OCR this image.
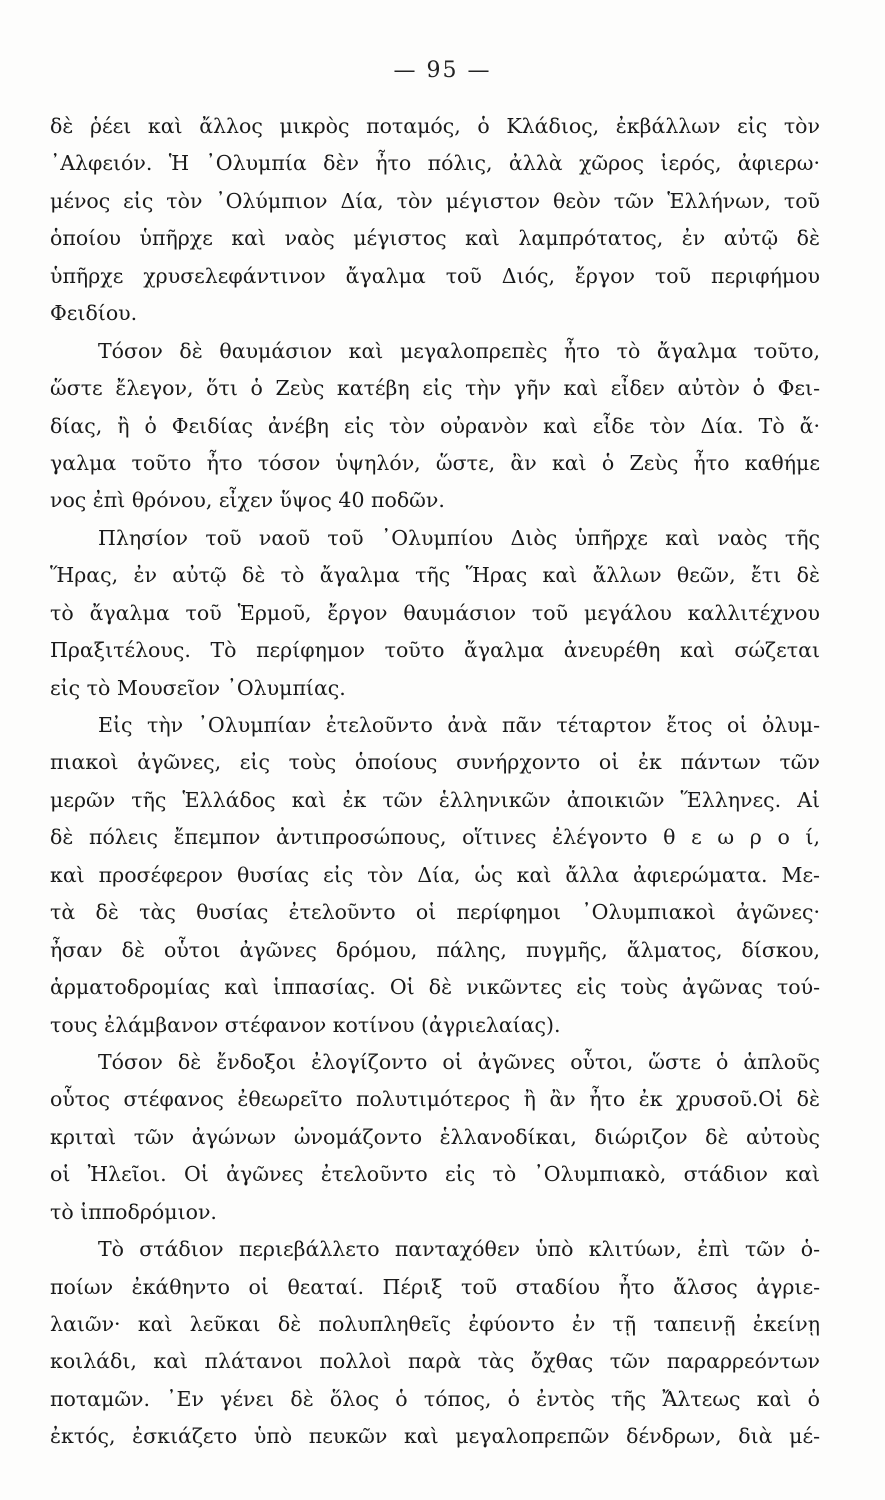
— 95 —
δὲ ῥέει καὶ ἄλλος μικρὸς ποταμός, ὁ Κλάδιος, ἐκβάλλων εἰς τὸν
᾿Αλφειόν. Ἡ ᾿Ολυμπία δὲν ἦτο πόλις, ἀλλὰ χῶρος ἱερός, ἀφιερω·
μένος εἰς τὸν ᾿Ολύμπιον Δία, τὸν μέγιστον θεὸν τῶν Ἑλλήνων, τοῦ
ὁποίου ὑπῆρχε καὶ ναὸς μέγιστος καὶ λαμπρότατος, ἐν αὐτῷ δὲ
ὑπῆρχε χρυσελεφάντινον ἄγαλμα τοῦ Διός, ἔργον τοῦ περιφήμου
Φειδίου.
Τόσον δὲ θαυμάσιον καὶ μεγαλοπρεπὲς ἦτο τὸ ἄγαλμα τοῦτο,
ὥστε ἔλεγον, ὅτι ὁ Ζεὺς κατέβη εἰς τὴν γῆν καὶ εἶδεν αὐτὸν ὁ Φει-
δίας, ἢ ὁ Φειδίας ἀνέβη εἰς τὸν οὐρανὸν καὶ εἶδε τὸν Δία. Τὸ ἄ·
γαλμα τοῦτο ἦτο τόσον ὑψηλόν, ὥστε, ἂν καὶ ὁ Ζεὺς ἦτο καθήμε
νος ἐπὶ θρόνου, εἶχεν ὕψος 40 ποδῶν.
Πλησίον τοῦ ναοῦ τοῦ ᾿Ολυμπίου Διὸς ὑπῆρχε καὶ ναὸς τῆς
Ἥρας, ἐν αὐτῷ δὲ τὸ ἄγαλμα τῆς Ἥρας καὶ ἄλλων θεῶν, ἔτι δὲ
τὸ ἄγαλμα τοῦ Ἑρμοῦ, ἔργον θαυμάσιον τοῦ μεγάλου καλλιτέχνου
Πραξιτέλους. Τὸ περίφημον τοῦτο ἄγαλμα ἀνευρέθη καὶ σώζεται
εἰς τὸ Μουσεῖον ᾿Ολυμπίας.
Εἰς τὴν ᾿Ολυμπίαν ἐτελοῦντο ἀνὰ πᾶν τέταρτον ἔτος οἱ ὀλυμ-
πιακοὶ ἀγῶνες, εἰς τοὺς ὁποίους συνήρχοντο οἱ ἐκ πάντων τῶν
μερῶν τῆς Ἑλλάδος καὶ ἐκ τῶν ἑλληνικῶν ἀποικιῶν Ἕλληνες. Αἱ
δὲ πόλεις ἔπεμπον ἀντιπροσώπους, οἵτινες ἐλέγοντο θ ε ω ρ ο ί,
καὶ προσέφερον θυσίας εἰς τὸν Δία, ὡς καὶ ἄλλα ἀφιερώματα. Με-
τὰ δὲ τὰς θυσίας ἐτελοῦντο οἱ περίφημοι ᾿Ολυμπιακοὶ ἀγῶνες·
ἦσαν δὲ οὗτοι ἀγῶνες δρόμου, πάλης, πυγμῆς, ἅλματος, δίσκου,
ἁρματοδρομίας καὶ ἱππασίας. Οἱ δὲ νικῶντες εἰς τοὺς ἀγῶνας τού-
τους ἐλάμβανον στέφανον κοτίνου (ἀγριελαίας).
Τόσον δὲ ἔνδοξοι ἐλογίζοντο οἱ ἀγῶνες οὗτοι, ὥστε ὁ ἁπλοῦς
οὗτος στέφανος ἐθεωρεῖτο πολυτιμότερος ἢ ἂν ἦτο ἐκ χρυσοῦ.Οἱ δὲ
κριταὶ τῶν ἀγώνων ὠνομάζοντο ἑλλανοδίκαι, διώριζον δὲ αὐτοὺς
οἱ Ἠλεῖοι. Οἱ ἀγῶνες ἐτελοῦντο εἰς τὸ ᾿Ολυμπιακὸ, στάδιον καὶ
τὸ ἱπποδρόμιον.
Τὸ στάδιον περιεβάλλετο πανταχόθεν ὑπὸ κλιτύων, ἐπὶ τῶν ὁ-
ποίων ἐκάθηντο οἱ θεαταί. Πέριξ τοῦ σταδίου ἦτο ἄλσος ἀγριε-
λαιῶν· καὶ λεῦκαι δὲ πολυπληθεῖς ἐφύοντο ἐν τῇ ταπεινῇ ἐκείνῃ
κοιλάδι, καὶ πλάτανοι πολλοὶ παρὰ τὰς ὄχθας τῶν παραρρεόντων
ποταμῶν. ᾿Εν γένει δὲ ὅλος ὁ τόπος, ὁ ἐντὸς τῆς Ἄλτεως καὶ ὁ
ἐκτός, ἐσκιάζετο ὑπὸ πευκῶν καὶ μεγαλοπρεπῶν δένδρων, διὰ μέ-
